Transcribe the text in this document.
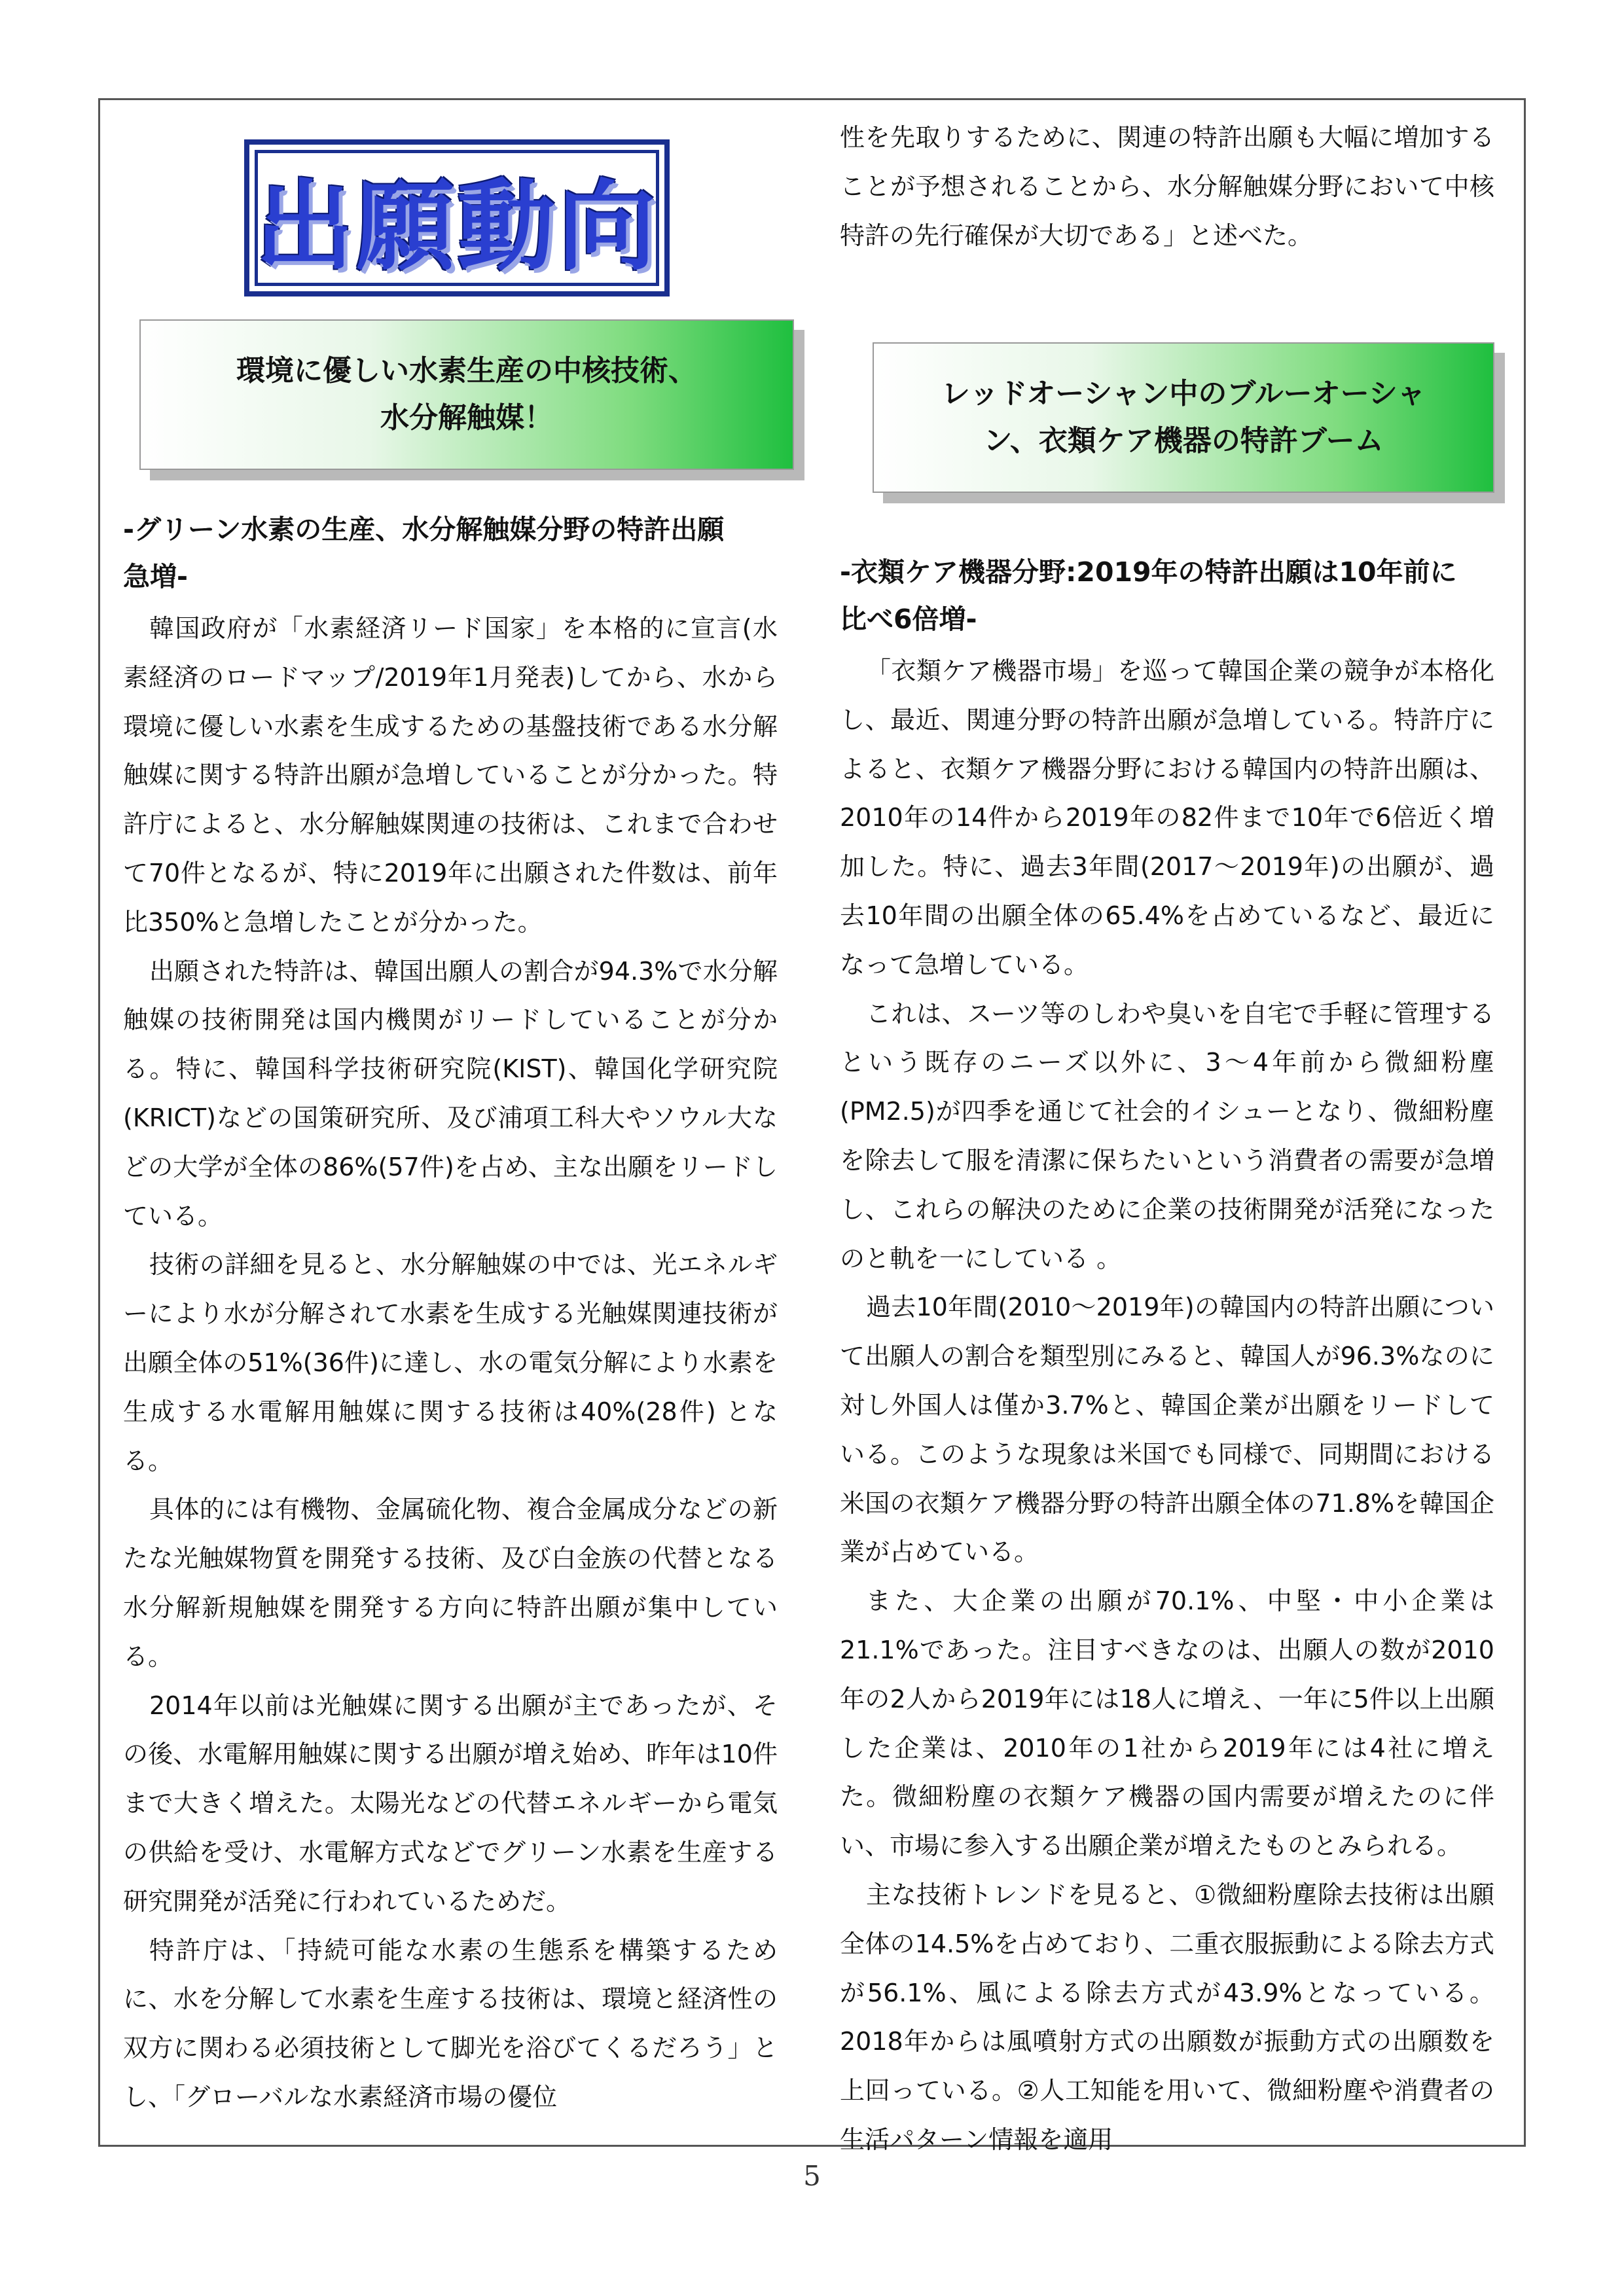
出願動向
環境に優しい水素生産の中核技術、
水分解触媒！
-グリーン水素の生産、水分解触媒分野の特許出願
急増-

韓国政府が「水素経済リード国家」を本格的に宣言(水素経済のロードマップ/2019年1月発表)してから、水から環境に優しい水素を生成するための基盤技術である水分解触媒に関する特許出願が急増していることが分かった。特許庁によると、水分解触媒関連の技術は、これまで合わせて70件となるが、特に2019年に出願された件数は、前年比350%と急増したことが分かった。

出願された特許は、韓国出願人の割合が94.3%で水分解触媒の技術開発は国内機関がリードしていることが分かる。特に、韓国科学技術研究院(KIST)、韓国化学研究院(KRICT)などの国策研究所、及び浦項工科大やソウル大などの大学が全体の86%(57件)を占め、主な出願をリードしている。

技術の詳細を見ると、水分解触媒の中では、光エネルギーにより水が分解されて水素を生成する光触媒関連技術が出願全体の51%(36件)に達し、水の電気分解により水素を生成する水電解用触媒に関する技術は40%(28件) となる。

具体的には有機物、金属硫化物、複合金属成分などの新たな光触媒物質を開発する技術、及び白金族の代替となる水分解新規触媒を開発する方向に特許出願が集中している。

2014年以前は光触媒に関する出願が主であったが、その後、水電解用触媒に関する出願が増え始め、昨年は10件まで大きく増えた。太陽光などの代替エネルギーから電気の供給を受け、水電解方式などでグリーン水素を生産する研究開発が活発に行われているためだ。

特許庁は、「持続可能な水素の生態系を構築するために、水を分解して水素を生産する技術は、環境と経済性の双方に関わる必須技術として脚光を浴びてくるだろう」とし、「グローバルな水素経済市場の優位

性を先取りするために、関連の特許出願も大幅に増加することが予想されることから、水分解触媒分野において中核特許の先行確保が大切である」と述べた。

レッドオーシャン中のブルーオーシャ
ン、衣類ケア機器の特許ブーム
-衣類ケア機器分野:2019年の特許出願は10年前に
比べ6倍増-

「衣類ケア機器市場」を巡って韓国企業の競争が本格化し、最近、関連分野の特許出願が急増している。特許庁によると、衣類ケア機器分野における韓国内の特許出願は、2010年の14件から2019年の82件まで10年で6倍近く増加した。特に、過去3年間(2017～2019年)の出願が、過去10年間の出願全体の65.4%を占めているなど、最近になって急増している。

これは、スーツ等のしわや臭いを自宅で手軽に管理するという既存のニーズ以外に、3～4年前から微細粉塵(PM2.5)が四季を通じて社会的イシューとなり、微細粉塵を除去して服を清潔に保ちたいという消費者の需要が急増し、これらの解決のために企業の技術開発が活発になったのと軌を一にしている 。

過去10年間(2010～2019年)の韓国内の特許出願について出願人の割合を類型別にみると、韓国人が96.3%なのに対し外国人は僅か3.7%と、韓国企業が出願をリードしている。このような現象は米国でも同様で、同期間における米国の衣類ケア機器分野の特許出願全体の71.8%を韓国企業が占めている。

また、大企業の出願が70.1%、中堅・中小企業は21.1%であった。注目すべきなのは、出願人の数が2010年の2人から2019年には18人に増え、一年に5件以上出願した企業は、2010年の1社から2019年には4社に増えた。微細粉塵の衣類ケア機器の国内需要が増えたのに伴い、市場に参入する出願企業が増えたものとみられる。

主な技術トレンドを見ると、①微細粉塵除去技術は出願全体の14.5%を占めており、二重衣服振動による除去方式が56.1%、風による除去方式が43.9%となっている。2018年からは風噴射方式の出願数が振動方式の出願数を上回っている。②人工知能を用いて、微細粉塵や消費者の生活パターン情報を適用

5
